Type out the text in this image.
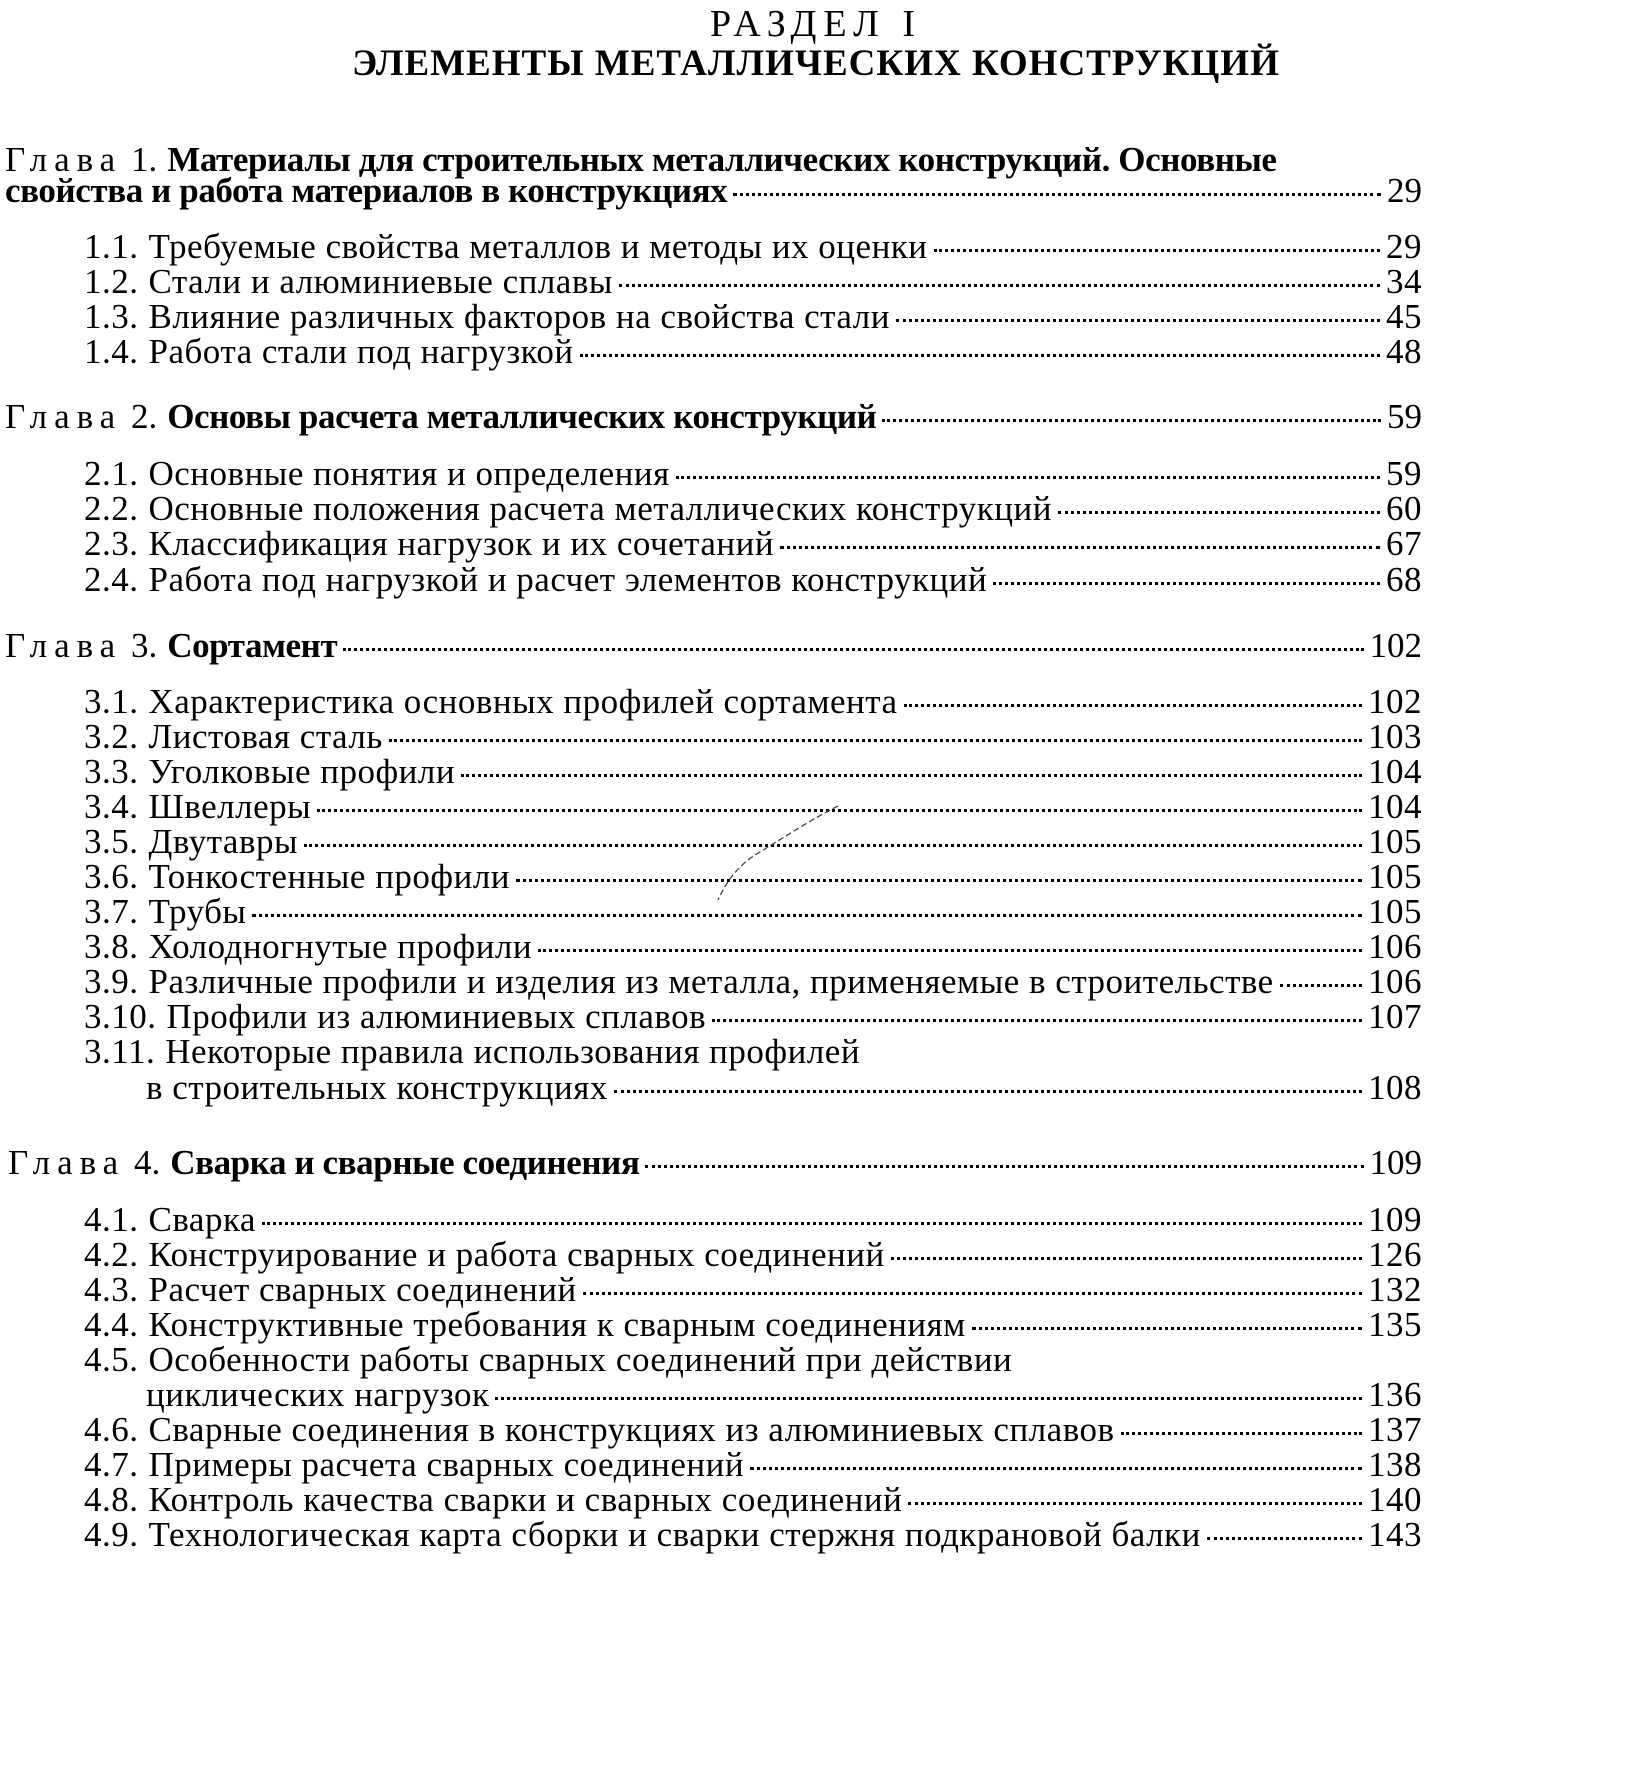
РАЗДЕЛ I
ЭЛЕМЕНТЫ МЕТАЛЛИЧЕСКИХ КОНСТРУКЦИЙ
Глава
1. Материалы для строительных металлических конструкций. Основные
свойства и работа материалов в конструкциях	29
1.1. Требуемые свойства металлов и методы их оценки	29
1.2. Стали и алюминиевые сплавы	34
1.3. Влияние различных факторов на свойства стали	45
1.4. Работа стали под нагрузкой	48
Глава
2. Основы расчета металлических конструкций	59
2.1. Основные понятия и определения	59
2.2. Основные положения расчета металлических конструкций	60
2.3. Классификация нагрузок и их сочетаний	67
2.4. Работа под нагрузкой и расчет элементов конструкций	68
Глава
3. Сортамент	102
3.1. Характеристика основных профилей сортамента	102
3.2. Листовая сталь	103
3.3. Уголковые профили	104
3.4. Швеллеры	104
3.5. Двутавры	105
3.6. Тонкостенные профили	105
3.7. Трубы	105
3.8. Холодногнутые профили	106
3.9. Различные профили и изделия из металла, применяемые в строительстве	106
3.10. Профили из алюминиевых сплавов	107
3.11. Некоторые правила использования профилей
в строительных конструкциях	108
Глава
4. Сварка и сварные соединения	109
4.1. Сварка	109
4.2. Конструирование и работа сварных соединений	126
4.3. Расчет сварных соединений	132
4.4. Конструктивные требования к сварным соединениям	135
4.5. Особенности работы сварных соединений при действии
циклических нагрузок	136
4.6. Сварные соединения в конструкциях из алюминиевых сплавов	137
4.7. Примеры расчета сварных соединений	138
4.8. Контроль качества сварки и сварных соединений	140
4.9. Технологическая карта сборки и сварки стержня подкрановой балки	143
